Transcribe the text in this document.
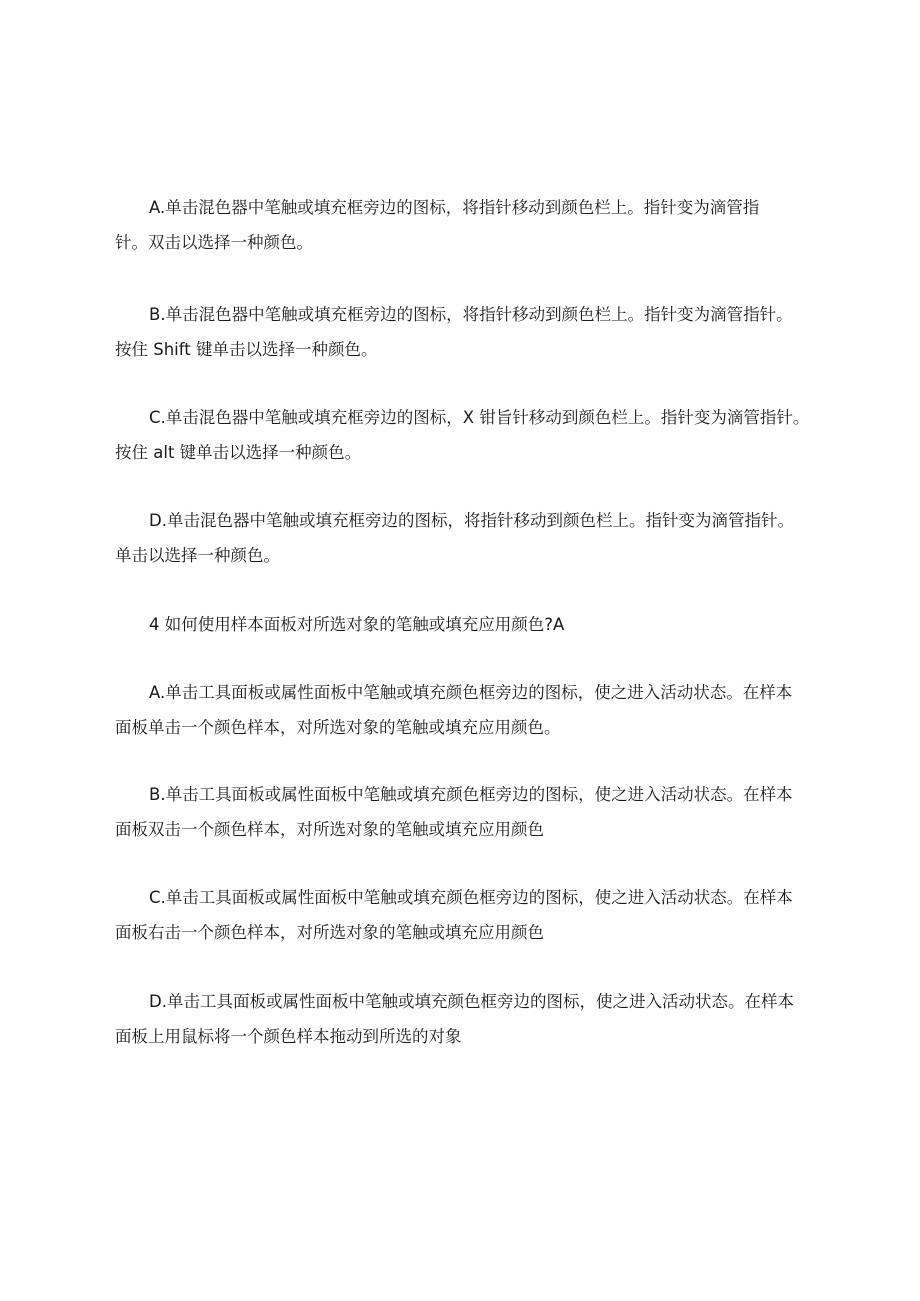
A.单击混色器中笔触或填充框旁边的图标，将指针移动到颜色栏上。指针变为滴管指
针。双击以选择一种颜色。

B.单击混色器中笔触或填充框旁边的图标，将指针移动到颜色栏上。指针变为滴管指针。
按住 Shift 键单击以选择一种颜色。

C.单击混色器中笔触或填充框旁边的图标，X 钳旨针移动到颜色栏上。指针变为滴管指针。
按住 alt 键单击以选择一种颜色。

D.单击混色器中笔触或填充框旁边的图标，将指针移动到颜色栏上。指针变为滴管指针。
单击以选择一种颜色。

4 如何使用样本面板对所选对象的笔触或填充应用颜色?A

A.单击工具面板或属性面板中笔触或填充颜色框旁边的图标，使之进入活动状态。在样本
面板单击一个颜色样本，对所选对象的笔触或填充应用颜色。

B.单击工具面板或属性面板中笔触或填充颜色框旁边的图标，使之进入活动状态。在样本
面板双击一个颜色样本，对所选对象的笔触或填充应用颜色

C.单击工具面板或属性面板中笔触或填充颜色框旁边的图标，使之进入活动状态。在样本
面板右击一个颜色样本，对所选对象的笔触或填充应用颜色

D.单击工具面板或属性面板中笔触或填充颜色框旁边的图标，使之进入活动状态。在样本
面板上用鼠标将一个颜色样本拖动到所选的对象
